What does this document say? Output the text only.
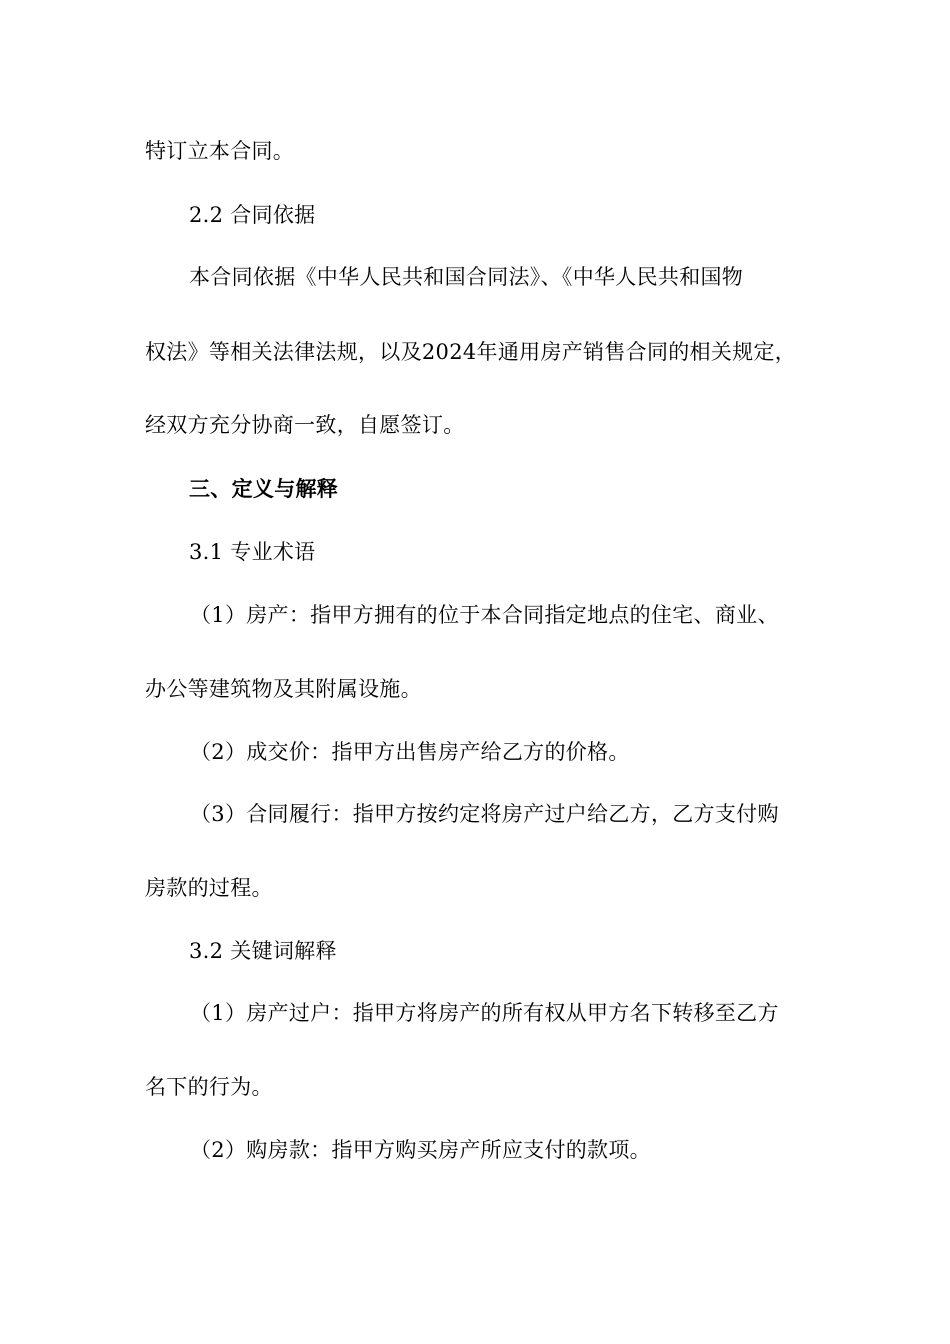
特订立本合同。
2.2 合同依据
本合同依据《中华人民共和国合同法》、《中华人民共和国物
权法》等相关法律法规，以及2024年通用房产销售合同的相关规定，
经双方充分协商一致，自愿签订。
三、定义与解释
3.1 专业术语
（1）房产：指甲方拥有的位于本合同指定地点的住宅、商业、
办公等建筑物及其附属设施。
（2）成交价：指甲方出售房产给乙方的价格。
（3）合同履行：指甲方按约定将房产过户给乙方，乙方支付购
房款的过程。
3.2 关键词解释
（1）房产过户：指甲方将房产的所有权从甲方名下转移至乙方
名下的行为。
（2）购房款：指甲方购买房产所应支付的款项。
